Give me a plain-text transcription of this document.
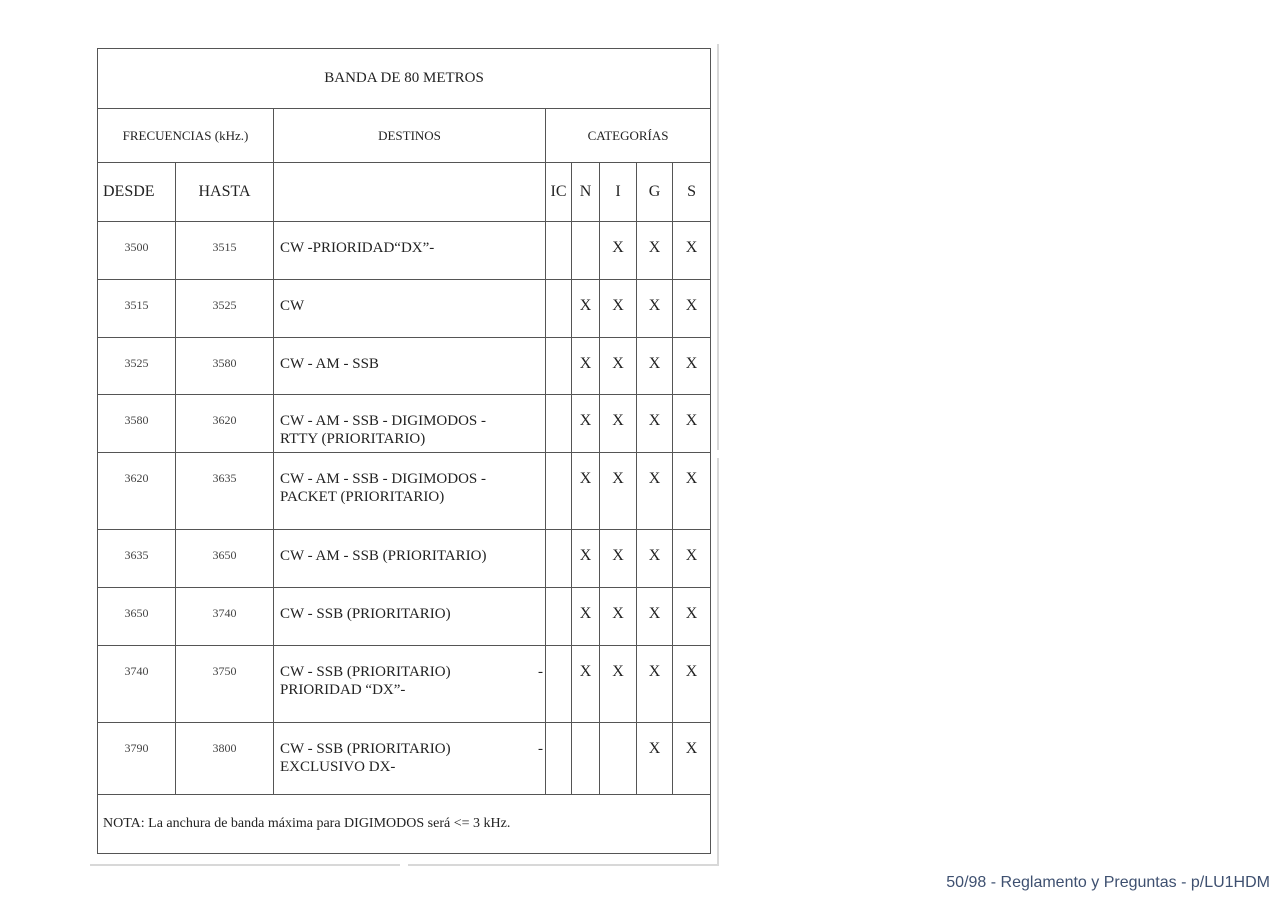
BANDA DE 80 METROS							
FRECUENCIAS (kHz.)		DESTINOS	CATEGORÍAS				
DESDE	HASTA		IC	N	I	G	S
3500	3515	CW -PRIORIDAD“DX”-			X	X	X
3515	3525	CW		X	X	X	X
3525	3580	CW - AM - SSB		X	X	X	X
3580	3620	CW - AM - SSB - DIGIMODOS -
RTTY (PRIORITARIO)		X	X	X	X
3620	3635	CW - AM - SSB - DIGIMODOS -
PACKET (PRIORITARIO)		X	X	X	X
3635	3650	CW - AM - SSB (PRIORITARIO)		X	X	X	X
3650	3740	CW - SSB (PRIORITARIO)		X	X	X	X
3740	3750	CW - SSB (PRIORITARIO)
PRIORIDAD “DX”-
-		X	X	X	X
3790	3800	CW - SSB (PRIORITARIO)
EXCLUSIVO DX-
-				X	X
NOTA: La anchura de banda máxima para DIGIMODOS será <= 3 kHz.							
50/98 - Reglamento y Preguntas - p/LU1HDM
